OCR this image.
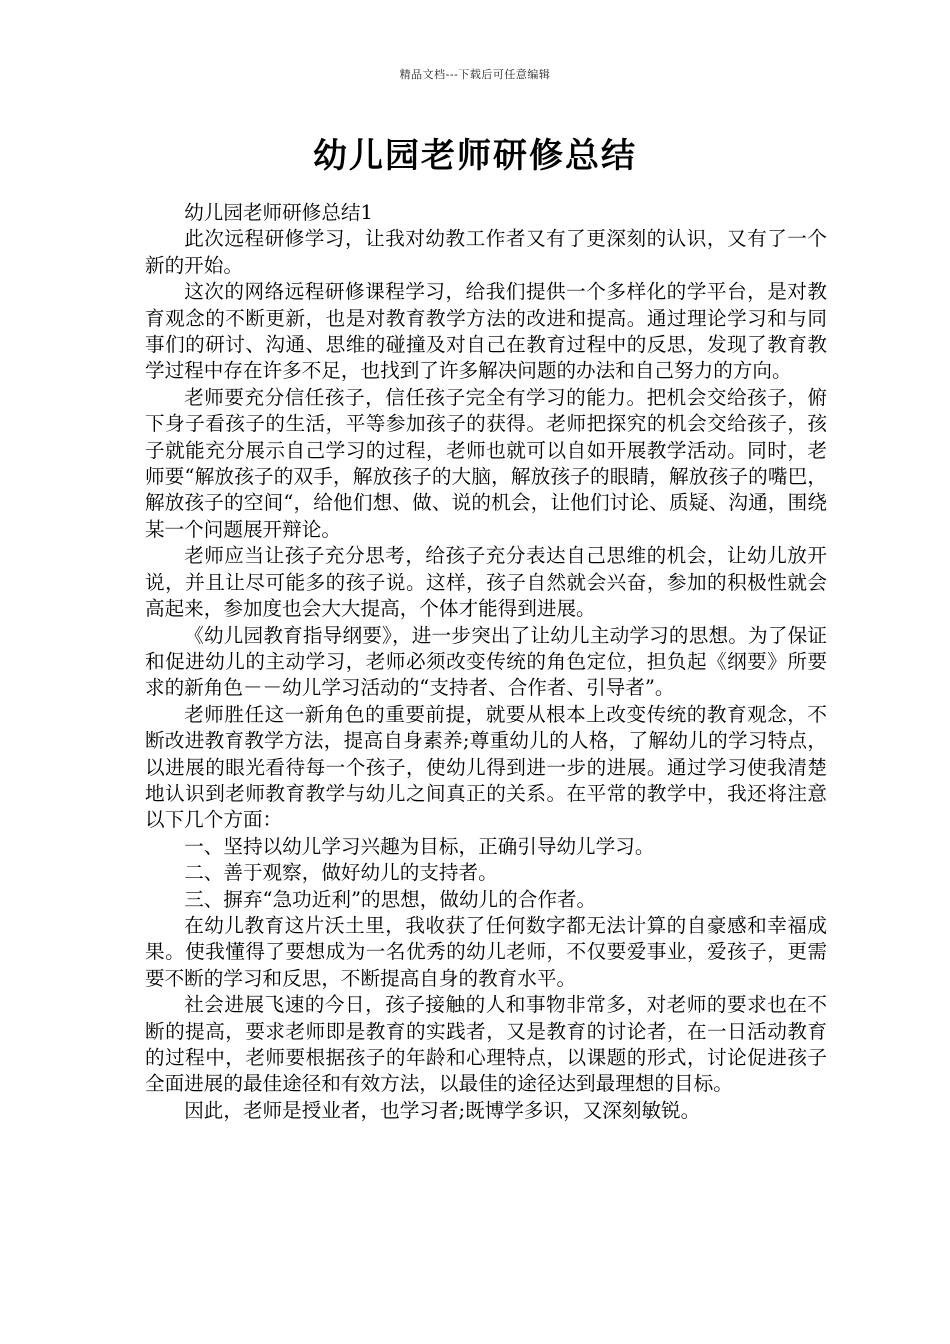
精品文档---下载后可任意编辑
幼儿园老师研修总结

幼儿园老师研修总结1

此次远程研修学习，让我对幼教工作者又有了更深刻的认识，又有了一个新的开始。

这次的网络远程研修课程学习，给我们提供一个多样化的学平台，是对教育观念的不断更新，也是对教育教学方法的改进和提高。通过理论学习和与同事们的研讨、沟通、思维的碰撞及对自己在教育过程中的反思，发现了教育教学过程中存在许多不足，也找到了许多解决问题的办法和自己努力的方向。

老师要充分信任孩子，信任孩子完全有学习的能力。把机会交给孩子，俯下身子看孩子的生活，平等参加孩子的获得。老师把探究的机会交给孩子，孩子就能充分展示自己学习的过程，老师也就可以自如开展教学活动。同时，老师要“解放孩子的双手，解放孩子的大脑，解放孩子的眼睛，解放孩子的嘴巴，解放孩子的空间“，给他们想、做、说的机会，让他们讨论、质疑、沟通，围绕某一个问题展开辩论。

老师应当让孩子充分思考，给孩子充分表达自己思维的机会，让幼儿放开说，并且让尽可能多的孩子说。这样，孩子自然就会兴奋，参加的积极性就会高起来，参加度也会大大提高，个体才能得到进展。

《幼儿园教育指导纲要》，进一步突出了让幼儿主动学习的思想。为了保证和促进幼儿的主动学习，老师必须改变传统的角色定位，担负起《纲要》所要求的新角色－－幼儿学习活动的“支持者、合作者、引导者”。

老师胜任这一新角色的重要前提，就要从根本上改变传统的教育观念，不断改进教育教学方法，提高自身素养;尊重幼儿的人格，了解幼儿的学习特点，以进展的眼光看待每一个孩子，使幼儿得到进一步的进展。通过学习使我清楚地认识到老师教育教学与幼儿之间真正的关系。在平常的教学中，我还将注意以下几个方面：

一、坚持以幼儿学习兴趣为目标，正确引导幼儿学习。

二、善于观察，做好幼儿的支持者。

三、摒弃“急功近利”的思想，做幼儿的合作者。

在幼儿教育这片沃土里，我收获了任何数字都无法计算的自豪感和幸福成果。使我懂得了要想成为一名优秀的幼儿老师，不仅要爱事业，爱孩子，更需要不断的学习和反思，不断提高自身的教育水平。

社会进展飞速的今日，孩子接触的人和事物非常多，对老师的要求也在不断的提高，要求老师即是教育的实践者，又是教育的讨论者，在一日活动教育的过程中，老师要根据孩子的年龄和心理特点，以课题的形式，讨论促进孩子全面进展的最佳途径和有效方法，以最佳的途径达到最理想的目标。

因此，老师是授业者，也学习者;既博学多识，又深刻敏锐。
